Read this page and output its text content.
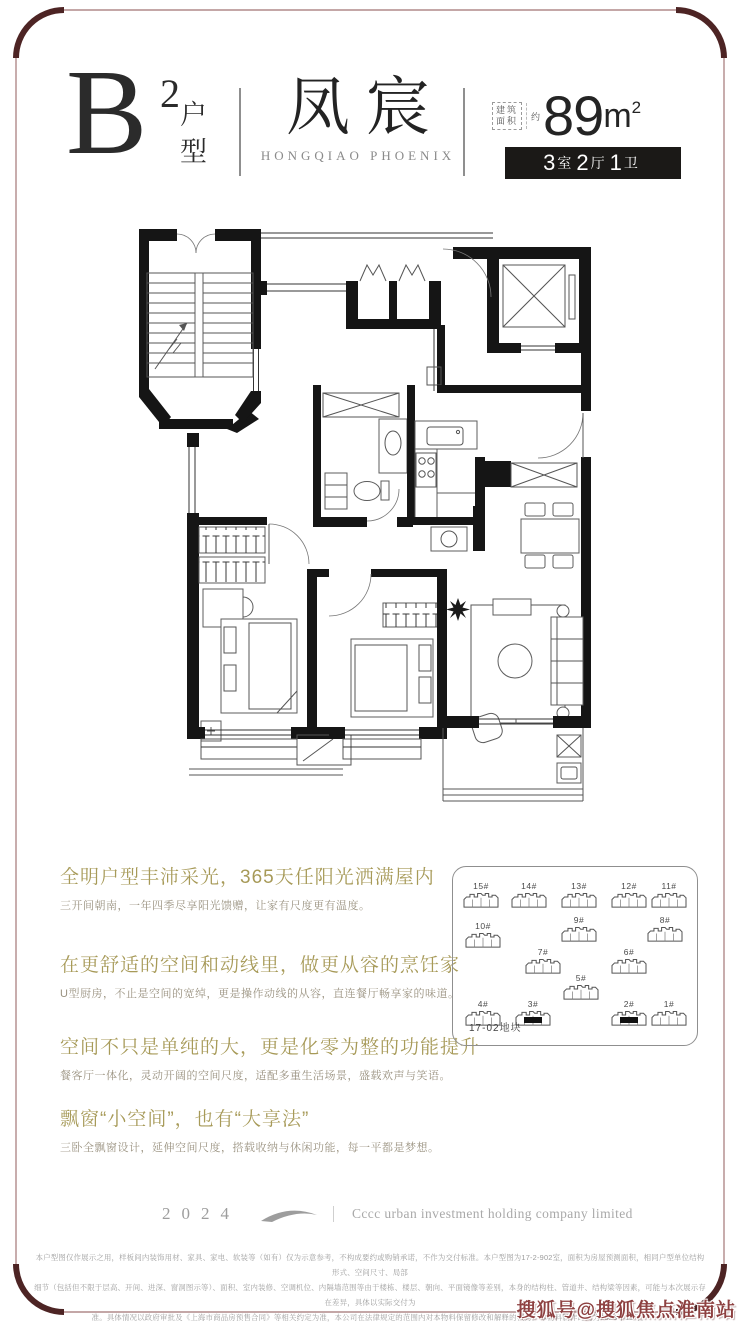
B 2
户型	凤宸
HONGQIAO PHOENIX
建筑
面积	约 89 $m^2$
3 室 2 厅 1 卫
全明户型丰沛采光，365天任阳光洒满屋内
三开间朝南，一年四季尽享阳光馈赠，让家有尺度更有温度。
在更舒适的空间和动线里，做更从容的烹饪家
U型厨房，不止是空间的宽绰，更是操作动线的从容，直连餐厅畅享家的味道。
空间不只是单纯的大，更是化零为整的功能提升
餐客厅一体化，灵动开阔的空间尺度，适配多重生活场景，盛载欢声与笑语。
飘窗“小空间”，也有“大享法”
三卧全飘窗设计，延伸空间尺度，搭载收纳与休闲功能，每一平都是梦想。
15#	14#	13#	12#	11#
10#
9#	8#
7#	6#
5#
4#	3#	2#	1#
17-02地块
2024	Cccc urban investment holding company limited
本户型图仅作展示之用，样板间内装饰用材、家具、家电、软装等（如有）仅为示意参考，不构成要约或购销承诺，不作为交付标准。本户型图为17-2-902室，面积为房屋预测面积，相同户型单位结构形式、空间尺寸、局部
细节（包括但不限于层高、开间、进深、窗洞图示等）、面积、室内装修、空调机位、内隔墙范围等由于楼栋、楼层、朝向、平面镜像等差别，本身的结构柱、管道井、结构梁等因素，可能与本次展示存在差异，具体以实际交付为
准。具体情况以政府审批及《上海市商品房预售合同》等相关约定为准，本公司在法律规定的范围内对本物料保留修改和解释的权力。本物料制作时间为2023年11月。
搜狐号@搜狐焦点淮南站
